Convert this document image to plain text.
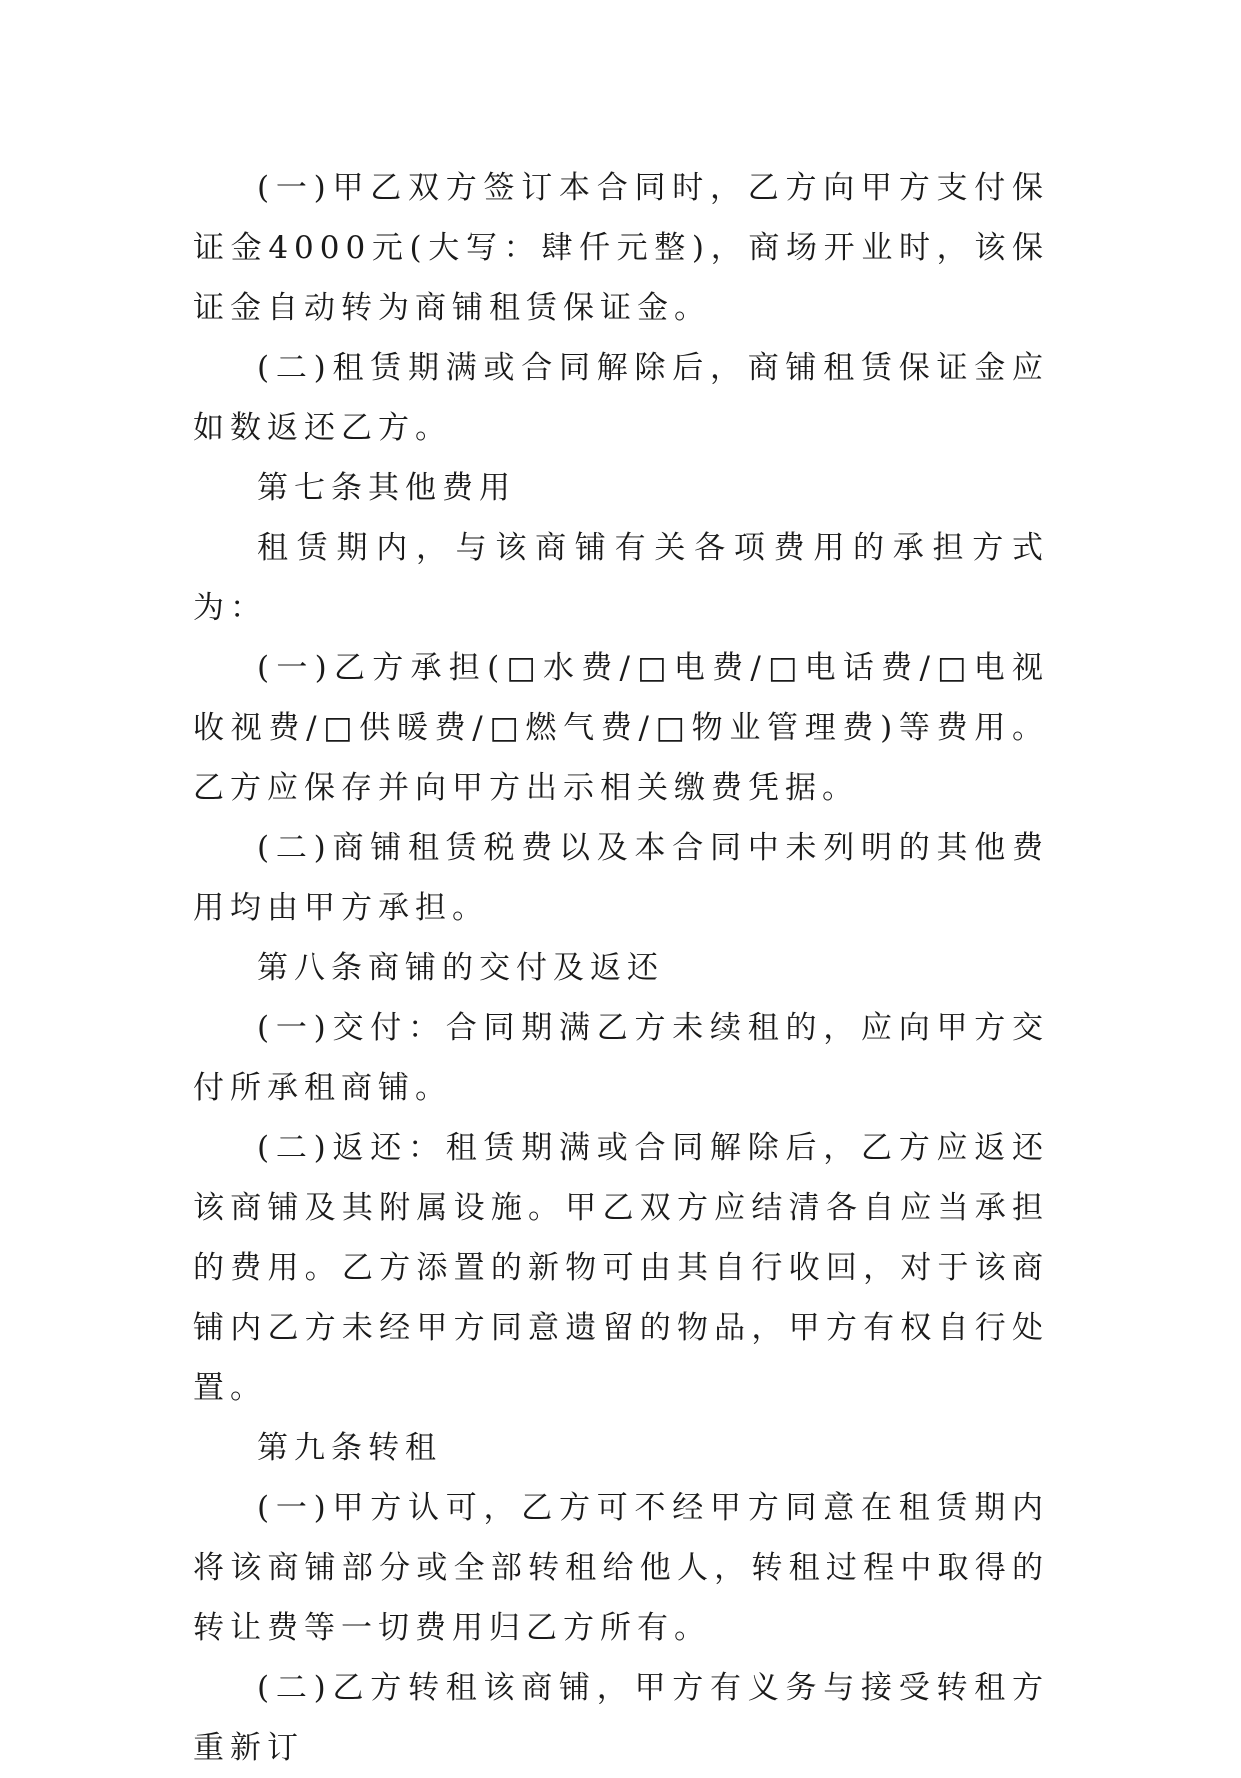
(一)甲乙双方签订本合同时，乙方向甲方支付保证金4000元(大写：肆仟元整)，商场开业时，该保证金自动转为商铺租赁保证金。

(二)租赁期满或合同解除后，商铺租赁保证金应如数返还乙方。

第七条其他费用

租赁期内，与该商铺有关各项费用的承担方式为：

(一)乙方承担(□水费/□电费/□电话费/□电视收视费/□供暖费/□燃气费/□物业管理费)等费用。乙方应保存并向甲方出示相关缴费凭据。

(二)商铺租赁税费以及本合同中未列明的其他费用均由甲方承担。

第八条商铺的交付及返还

(一)交付：合同期满乙方未续租的，应向甲方交付所承租商铺。

(二)返还：租赁期满或合同解除后，乙方应返还该商铺及其附属设施。甲乙双方应结清各自应当承担的费用。乙方添置的新物可由其自行收回，对于该商铺内乙方未经甲方同意遗留的物品，甲方有权自行处置。

第九条转租

(一)甲方认可，乙方可不经甲方同意在租赁期内将该商铺部分或全部转租给他人，转租过程中取得的转让费等一切费用归乙方所有。

(二)乙方转租该商铺，甲方有义务与接受转租方重新订
